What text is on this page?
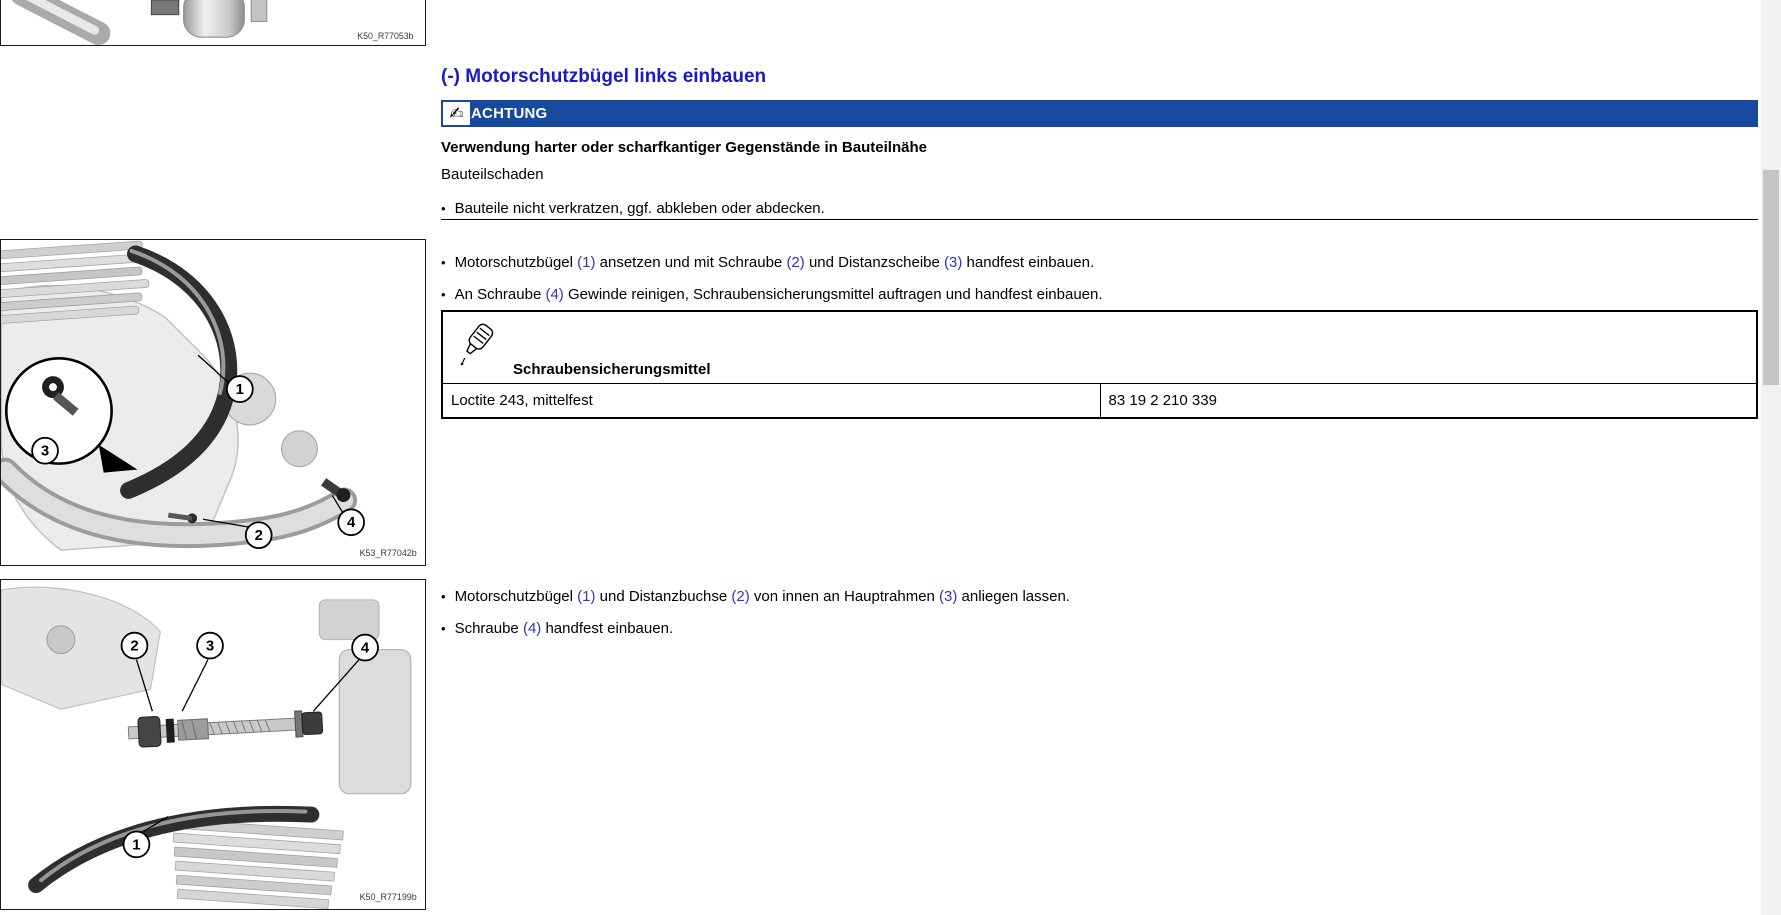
K50_R77053b
1
3
2
4
K53_R77042b
2	3	4
1
K50_R77199b
(-) Motorschutzbügel links einbauen
✍ ACHTUNG
Verwendung harter oder scharfkantiger Gegenstände in Bauteilnähe
Bauteilschaden
• Bauteile nicht verkratzen, ggf. abkleben oder abdecken.
• Motorschutzbügel (1) ansetzen und mit Schraube (2) und Distanzscheibe (3) handfest einbauen.
• An Schraube (4) Gewinde reinigen, Schraubensicherungsmittel auftragen und handfest einbauen.
Schraubensicherungsmittel
Loctite 243, mittelfest	83 19 2 210 339
• Motorschutzbügel (1) und Distanzbuchse (2) von innen an Hauptrahmen (3) anliegen lassen.
• Schraube (4) handfest einbauen.
